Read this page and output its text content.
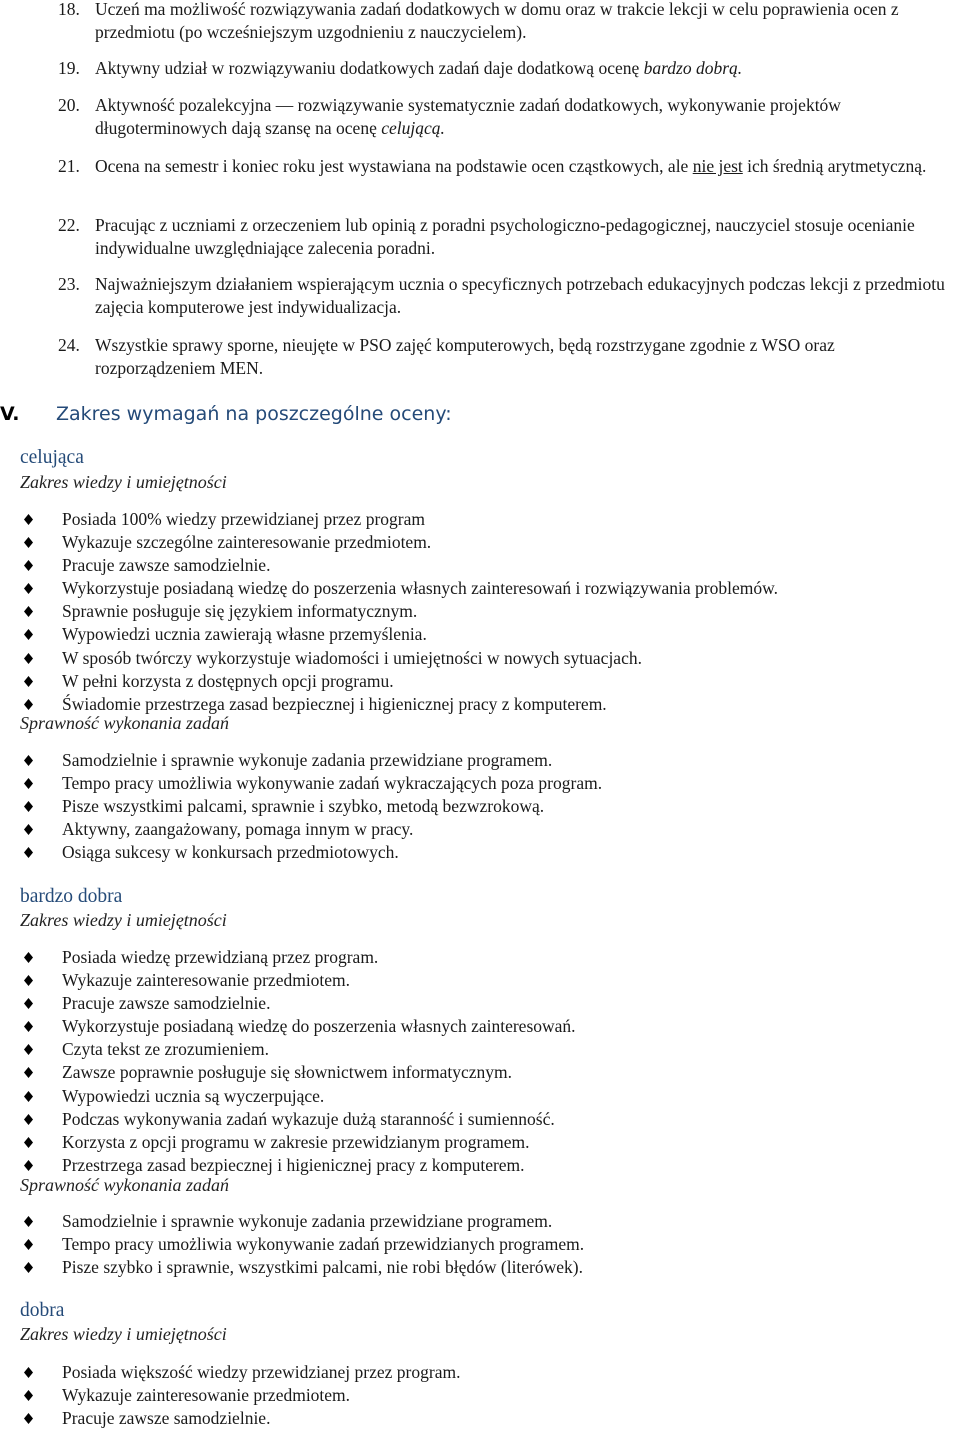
18. Uczeń ma możliwość rozwiązywania zadań dodatkowych w domu oraz w trakcie lekcji w celu poprawienia ocen z przedmiotu (po wcześniejszym uzgodnieniu z nauczycielem).
19. Aktywny udział w rozwiązywaniu dodatkowych zadań daje dodatkową ocenę bardzo dobrą.
20. Aktywność pozalekcyjna — rozwiązywanie systematycznie zadań dodatkowych, wykonywanie projektów długoterminowych dają szansę na ocenę celującą.
21. Ocena na semestr i koniec roku jest wystawiana na podstawie ocen cząstkowych, ale nie jest ich średnią arytmetyczną.
22. Pracując z uczniami z orzeczeniem lub opinią z poradni psychologiczno-pedagogicznej, nauczyciel stosuje ocenianie indywidualne uwzględniające zalecenia poradni.
23. Najważniejszym działaniem wspierającym ucznia o specyficznych potrzebach edukacyjnych podczas lekcji z przedmiotu zajęcia komputerowe jest indywidualizacja.
24. Wszystkie sprawy sporne, nieujęte w PSO zajęć komputerowych, będą rozstrzygane zgodnie z WSO oraz rozporządzeniem MEN.
V. Zakres wymagań na poszczególne oceny:
celująca
Zakres wiedzy i umiejętności
Posiada 100% wiedzy przewidzianej przez program
Wykazuje szczególne zainteresowanie przedmiotem.
Pracuje zawsze samodzielnie.
Wykorzystuje posiadaną wiedzę do poszerzenia własnych zainteresowań i rozwiązywania problemów.
Sprawnie posługuje się językiem informatycznym.
Wypowiedzi ucznia zawierają własne przemyślenia.
W sposób twórczy wykorzystuje wiadomości i umiejętności w nowych sytuacjach.
W pełni korzysta z dostępnych opcji programu.
Świadomie przestrzega zasad bezpiecznej i higienicznej pracy z komputerem.
Sprawność wykonania zadań
Samodzielnie i sprawnie wykonuje zadania przewidziane programem.
Tempo pracy umożliwia wykonywanie zadań wykraczających poza program.
Pisze wszystkimi palcami, sprawnie i szybko, metodą bezwzrokową.
Aktywny, zaangażowany, pomaga innym w pracy.
Osiąga sukcesy w konkursach przedmiotowych.
bardzo dobra
Zakres wiedzy i umiejętności
Posiada wiedzę przewidzianą przez program.
Wykazuje zainteresowanie przedmiotem.
Pracuje zawsze samodzielnie.
Wykorzystuje posiadaną wiedzę do poszerzenia własnych zainteresowań.
Czyta tekst ze zrozumieniem.
Zawsze poprawnie posługuje się słownictwem informatycznym.
Wypowiedzi ucznia są wyczerpujące.
Podczas wykonywania zadań wykazuje dużą staranność i sumienność.
Korzysta z opcji programu w zakresie przewidzianym programem.
Przestrzega zasad bezpiecznej i higienicznej pracy z komputerem.
Sprawność wykonania zadań
Samodzielnie i sprawnie wykonuje zadania przewidziane programem.
Tempo pracy umożliwia wykonywanie zadań przewidzianych programem.
Pisze szybko i sprawnie, wszystkimi palcami, nie robi błędów (literówek).
dobra
Zakres wiedzy i umiejętności
Posiada większość wiedzy przewidzianej przez program.
Wykazuje zainteresowanie przedmiotem.
Pracuje zawsze samodzielnie.
